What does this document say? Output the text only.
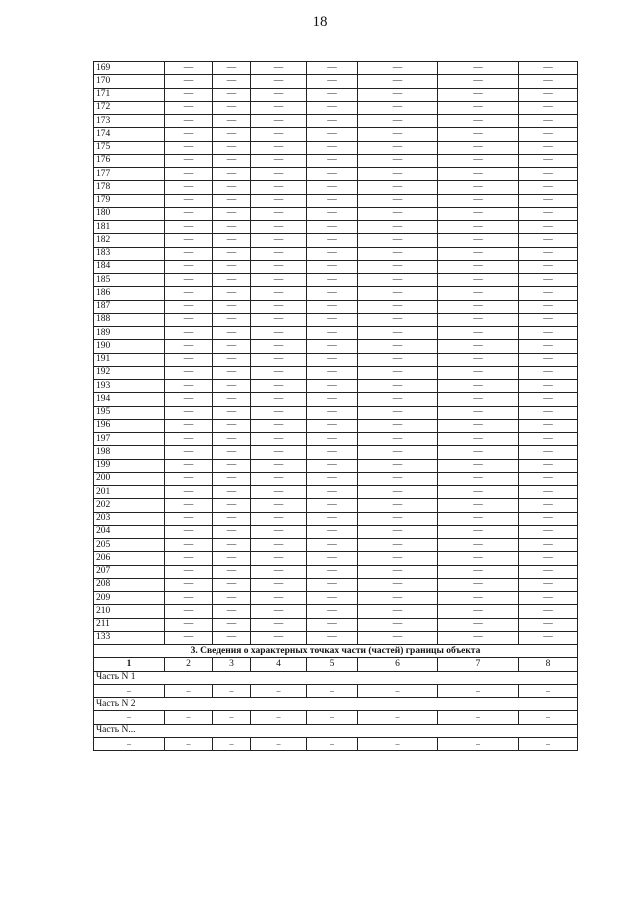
18
169	—	—	—	—	—	—	—
170	—	—	—	—	—	—	—
171	—	—	—	—	—	—	—
172	—	—	—	—	—	—	—
173	—	—	—	—	—	—	—
174	—	—	—	—	—	—	—
175	—	—	—	—	—	—	—
176	—	—	—	—	—	—	—
177	—	—	—	—	—	—	—
178	—	—	—	—	—	—	—
179	—	—	—	—	—	—	—
180	—	—	—	—	—	—	—
181	—	—	—	—	—	—	—
182	—	—	—	—	—	—	—
183	—	—	—	—	—	—	—
184	—	—	—	—	—	—	—
185	—	—	—	—	—	—	—
186	—	—	—	—	—	—	—
187	—	—	—	—	—	—	—
188	—	—	—	—	—	—	—
189	—	—	—	—	—	—	—
190	—	—	—	—	—	—	—
191	—	—	—	—	—	—	—
192	—	—	—	—	—	—	—
193	—	—	—	—	—	—	—
194	—	—	—	—	—	—	—
195	—	—	—	—	—	—	—
196	—	—	—	—	—	—	—
197	—	—	—	—	—	—	—
198	—	—	—	—	—	—	—
199	—	—	—	—	—	—	—
200	—	—	—	—	—	—	—
201	—	—	—	—	—	—	—
202	—	—	—	—	—	—	—
203	—	—	—	—	—	—	—
204	—	—	—	—	—	—	—
205	—	—	—	—	—	—	—
206	—	—	—	—	—	—	—
207	—	—	—	—	—	—	—
208	—	—	—	—	—	—	—
209	—	—	—	—	—	—	—
210	—	—	—	—	—	—	—
211	—	—	—	—	—	—	—
133	—	—	—	—	—	—	—
3. Сведения о характерных точках части (частей) границы объекта							
1	2	3	4	5	6	7	8
Часть N 1							
–	–	–	–	–	–	–	–
Часть N 2							
–	–	–	–	–	–	–	–
Часть N...							
–	–	–	–	–	–	–	–
